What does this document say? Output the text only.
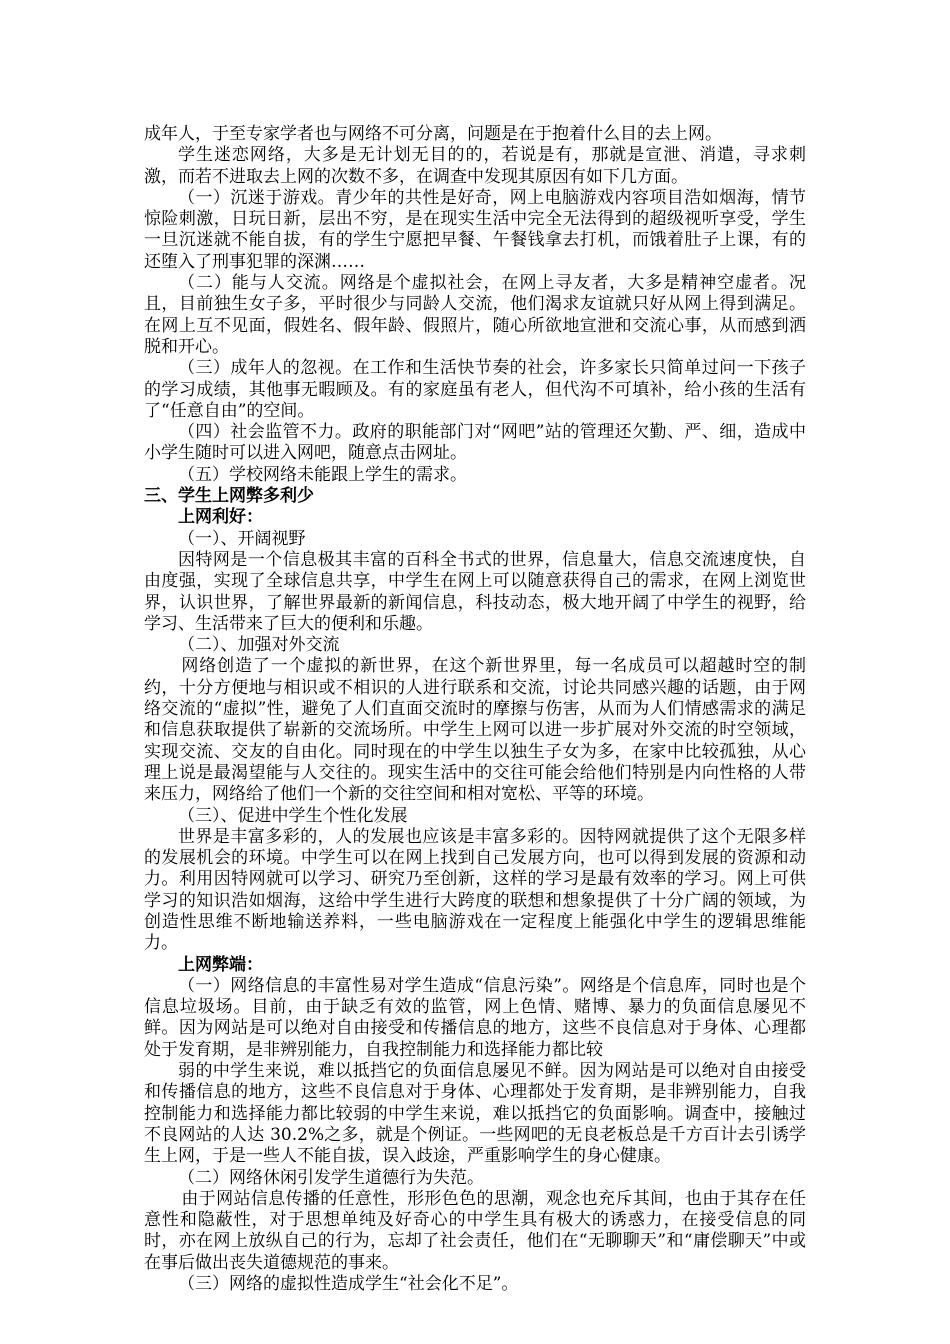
成年人，于至专家学者也与网络不可分离，问题是在于抱着什么目的去上网。

学生迷恋网络，大多是无计划无目的的，若说是有，那就是宣泄、消遣，寻求刺激，而若不进取去上网的次数不多，在调查中发现其原因有如下几方面。

（一）沉迷于游戏。青少年的共性是好奇，网上电脑游戏内容项目浩如烟海，情节惊险刺激，日玩日新，层出不穷，是在现实生活中完全无法得到的超级视听享受，学生一旦沉迷就不能自拔，有的学生宁愿把早餐、午餐钱拿去打机，而饿着肚子上课，有的还堕入了刑事犯罪的深渊……

（二）能与人交流。网络是个虚拟社会，在网上寻友者，大多是精神空虚者。况且，目前独生女子多，平时很少与同龄人交流，他们渴求友谊就只好从网上得到满足。在网上互不见面，假姓名、假年龄、假照片，随心所欲地宣泄和交流心事，从而感到洒脱和开心。

（三）成年人的忽视。在工作和生活快节奏的社会，许多家长只简单过问一下孩子的学习成绩，其他事无暇顾及。有的家庭虽有老人，但代沟不可填补，给小孩的生活有了“任意自由”的空间。

（四）社会监管不力。政府的职能部门对“网吧”站的管理还欠勤、严、细，造成中小学生随时可以进入网吧，随意点击网址。

（五）学校网络未能跟上学生的需求。

三、学生上网弊多利少

上网利好：

（一）、开阔视野

因特网是一个信息极其丰富的百科全书式的世界，信息量大，信息交流速度快，自由度强，实现了全球信息共享，中学生在网上可以随意获得自己的需求，在网上浏览世界，认识世界，了解世界最新的新闻信息，科技动态，极大地开阔了中学生的视野，给学习、生活带来了巨大的便利和乐趣。

（二）、加强对外交流

网络创造了一个虚拟的新世界，在这个新世界里，每一名成员可以超越时空的制约，十分方便地与相识或不相识的人进行联系和交流，讨论共同感兴趣的话题，由于网络交流的“虚拟”性，避免了人们直面交流时的摩擦与伤害，从而为人们情感需求的满足和信息获取提供了崭新的交流场所。中学生上网可以进一步扩展对外交流的时空领域，实现交流、交友的自由化。同时现在的中学生以独生子女为多，在家中比较孤独，从心理上说是最渴望能与人交往的。现实生活中的交往可能会给他们特别是内向性格的人带来压力，网络给了他们一个新的交往空间和相对宽松、平等的环境。

（三）、促进中学生个性化发展

世界是丰富多彩的，人的发展也应该是丰富多彩的。因特网就提供了这个无限多样的发展机会的环境。中学生可以在网上找到自己发展方向，也可以得到发展的资源和动力。利用因特网就可以学习、研究乃至创新，这样的学习是最有效率的学习。网上可供学习的知识浩如烟海，这给中学生进行大跨度的联想和想象提供了十分广阔的领域，为创造性思维不断地输送养料，一些电脑游戏在一定程度上能强化中学生的逻辑思维能力。

上网弊端：

（一）网络信息的丰富性易对学生造成“信息污染”。网络是个信息库，同时也是个信息垃圾场。目前，由于缺乏有效的监管，网上色情、赌博、暴力的负面信息屡见不鲜。因为网站是可以绝对自由接受和传播信息的地方，这些不良信息对于身体、心理都处于发育期，是非辨别能力，自我控制能力和选择能力都比较

弱的中学生来说，难以抵挡它的负面信息屡见不鲜。因为网站是可以绝对自由接受和传播信息的地方，这些不良信息对于身体、心理都处于发育期，是非辨别能力，自我控制能力和选择能力都比较弱的中学生来说，难以抵挡它的负面影响。调查中，接触过不良网站的人达 30.2%之多，就是个例证。一些网吧的无良老板总是千方百计去引诱学生上网，于是一些人不能自拔，误入歧途，严重影响学生的身心健康。

（二）网络休闲引发学生道德行为失范。

由于网站信息传播的任意性，形形色色的思潮，观念也充斥其间，也由于其存在任意性和隐蔽性，对于思想单纯及好奇心的中学生具有极大的诱惑力，在接受信息的同时，亦在网上放纵自己的行为，忘却了社会责任，他们在“无聊聊天”和“庸偿聊天”中或在事后做出丧失道德规范的事来。

（三）网络的虚拟性造成学生“社会化不足”。
